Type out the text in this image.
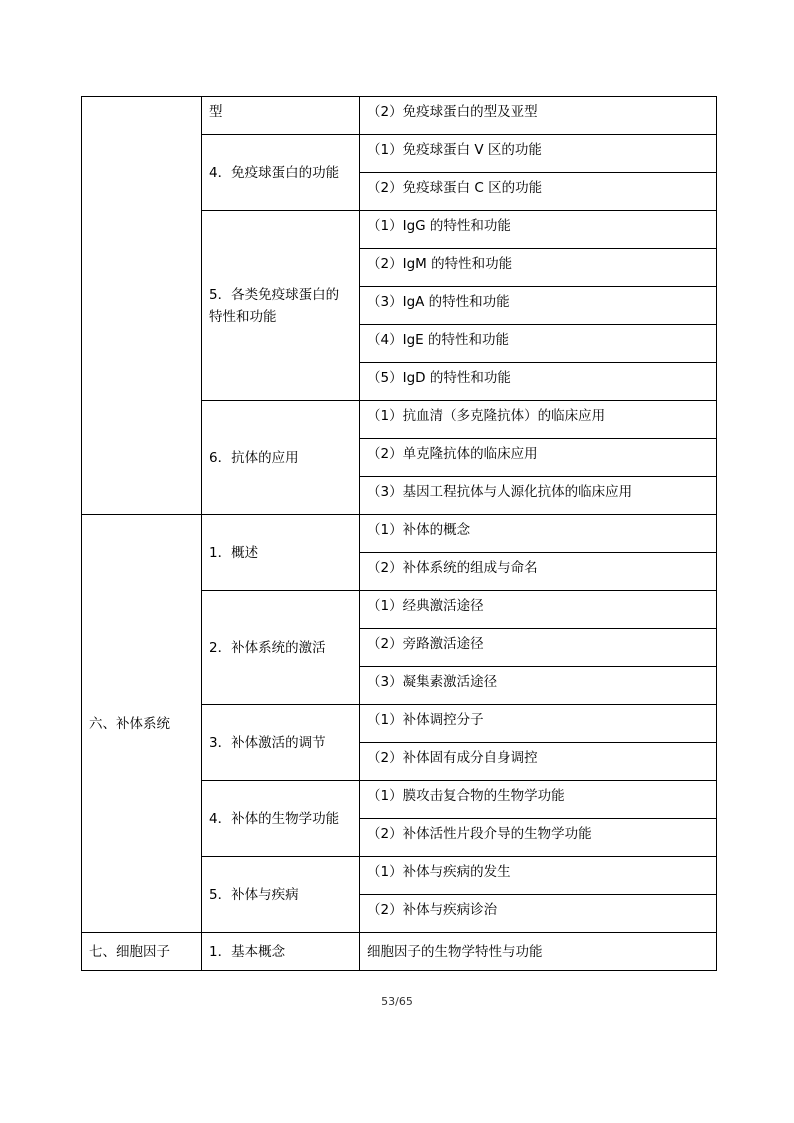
	型	（2）免疫球蛋白的型及亚型
	4．免疫球蛋白的功能	（1）免疫球蛋白 V 区的功能
		（2）免疫球蛋白 C 区的功能
	5．各类免疫球蛋白的特性和功能	（1）IgG 的特性和功能
		（2）IgM 的特性和功能
		（3）IgA 的特性和功能
		（4）IgE 的特性和功能
		（5）IgD 的特性和功能
	6．抗体的应用	（1）抗血清（多克隆抗体）的临床应用
		（2）单克隆抗体的临床应用
		（3）基因工程抗体与人源化抗体的临床应用
六、补体系统	1．概述	（1）补体的概念
		（2）补体系统的组成与命名
	2．补体系统的激活	（1）经典激活途径
		（2）旁路激活途径
		（3）凝集素激活途径
	3．补体激活的调节	（1）补体调控分子
		（2）补体固有成分自身调控
	4．补体的生物学功能	（1）膜攻击复合物的生物学功能
		（2）补体活性片段介导的生物学功能
	5．补体与疾病	（1）补体与疾病的发生
		（2）补体与疾病诊治
七、细胞因子	1．基本概念	细胞因子的生物学特性与功能
53/65
